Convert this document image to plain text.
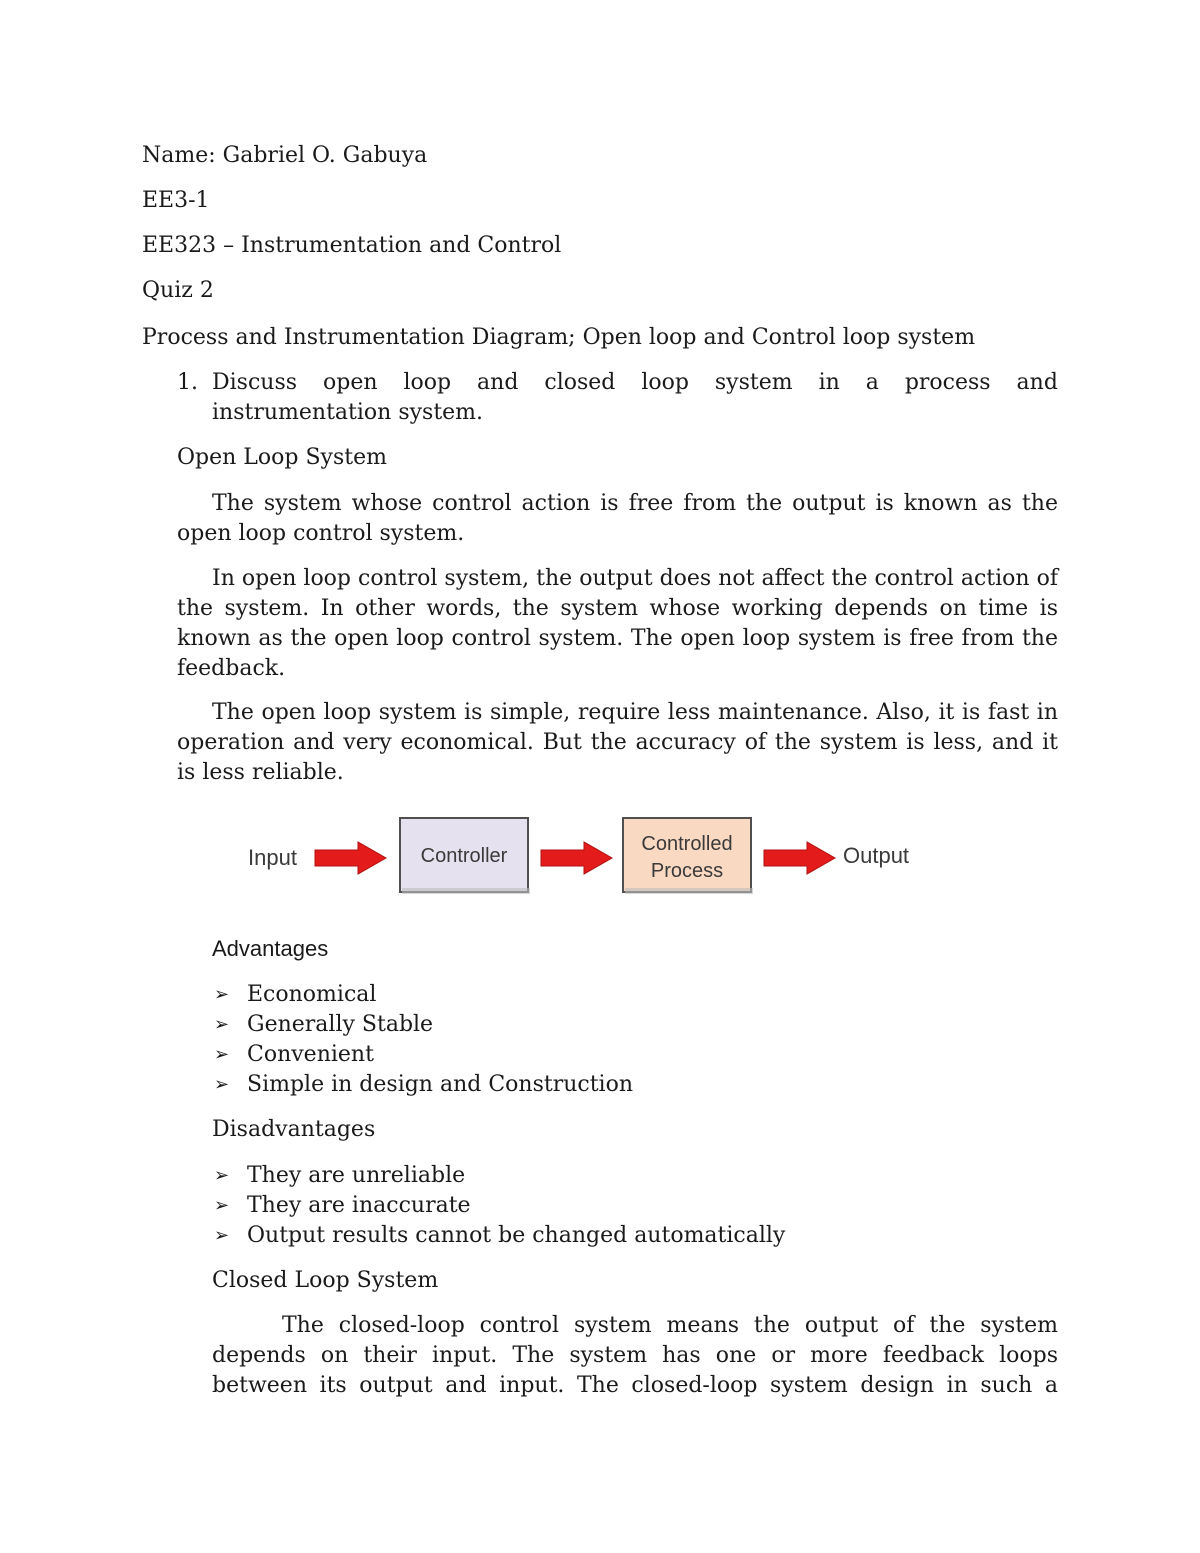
Name: Gabriel O. Gabuya
EE3-1
EE323 – Instrumentation and Control
Quiz 2
Process and Instrumentation Diagram; Open loop and Control loop system
1. Discuss open loop and closed loop system in a process and
instrumentation system.
Open Loop System
The system whose control action is free from the output is known as the open loop control system.
In open loop control system, the output does not affect the control action of the system. In other words, the system whose working depends on time is known as the open loop control system. The open loop system is free from the feedback.
The open loop system is simple, require less maintenance. Also, it is fast in operation and very economical. But the accuracy of the system is less, and it is less reliable.
Input	Controller
Controlled
Process
Output
Advantages
➢ Economical
➢ Generally Stable
➢ Convenient
➢ Simple in design and Construction
Disadvantages
➢ They are unreliable
➢ They are inaccurate
➢ Output results cannot be changed automatically
Closed Loop System
The closed-loop control system means the output of the system depends on their input. The system has one or more feedback loops between its output and input. The closed-loop system design in such a
